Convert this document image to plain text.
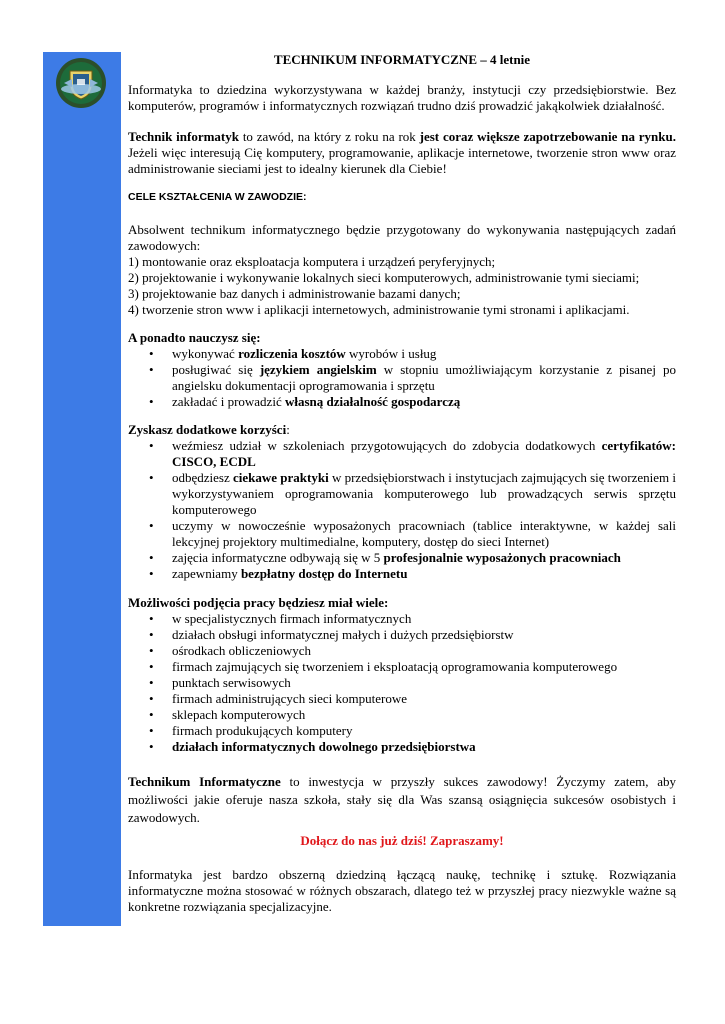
TECHNIKUM INFORMATYCZNE – 4 letnie

Informatyka to dziedzina wykorzystywana w każdej branży, instytucji czy przedsiębiorstwie. Bez komputerów, programów i informatycznych rozwiązań trudno dziś prowadzić jakąkolwiek działalność.

Technik informatyk to zawód, na który z roku na rok jest coraz większe zapotrzebowanie na rynku. Jeżeli więc interesują Cię komputery, programowanie, aplikacje internetowe, tworzenie stron www oraz administrowanie sieciami jest to idealny kierunek dla Ciebie!

CELE KSZTAŁCENIA W ZAWODZIE:

Absolwent technikum informatycznego będzie przygotowany do wykonywania następujących zadań zawodowych:

1) montowanie oraz eksploatacja komputera i urządzeń peryferyjnych;
2) projektowanie i wykonywanie lokalnych sieci komputerowych, administrowanie tymi sieciami;
3) projektowanie baz danych i administrowanie bazami danych;
4) tworzenie stron www i aplikacji internetowych, administrowanie tymi stronami i aplikacjami.
A ponadto nauczysz się:
• wykonywać rozliczenia kosztów wyrobów i usług
• posługiwać się językiem angielskim w stopniu umożliwiającym korzystanie z pisanej po angielsku dokumentacji oprogramowania i sprzętu
• zakładać i prowadzić własną działalność gospodarczą
Zyskasz dodatkowe korzyści:
• weźmiesz udział w szkoleniach przygotowujących do zdobycia dodatkowych certyfikatów: CISCO, ECDL
• odbędziesz ciekawe praktyki w przedsiębiorstwach i instytucjach zajmujących się tworzeniem i wykorzystywaniem oprogramowania komputerowego lub prowadzących serwis sprzętu komputerowego
• uczymy w nowocześnie wyposażonych pracowniach (tablice interaktywne, w każdej sali lekcyjnej projektory multimedialne, komputery, dostęp do sieci Internet)
• zajęcia informatyczne odbywają się w 5 profesjonalnie wyposażonych pracowniach
• zapewniamy bezpłatny dostęp do Internetu
Możliwości podjęcia pracy będziesz miał wiele:
• w specjalistycznych firmach informatycznych
• działach obsługi informatycznej małych i dużych przedsiębiorstw
• ośrodkach obliczeniowych
• firmach zajmujących się tworzeniem i eksploatacją oprogramowania komputerowego
• punktach serwisowych
• firmach administrujących sieci komputerowe
• sklepach komputerowych
• firmach produkujących komputery
• działach informatycznych dowolnego przedsiębiorstwa

Technikum Informatyczne to inwestycja w przyszły sukces zawodowy! Życzymy zatem, aby możliwości jakie oferuje nasza szkoła, stały się dla Was szansą osiągnięcia sukcesów osobistych i zawodowych.

Dołącz do nas już dziś! Zapraszamy!

Informatyka jest bardzo obszerną dziedziną łączącą naukę, technikę i sztukę. Rozwiązania informatyczne można stosować w różnych obszarach, dlatego też w przyszłej pracy niezwykle ważne są konkretne rozwiązania specjalizacyjne.
